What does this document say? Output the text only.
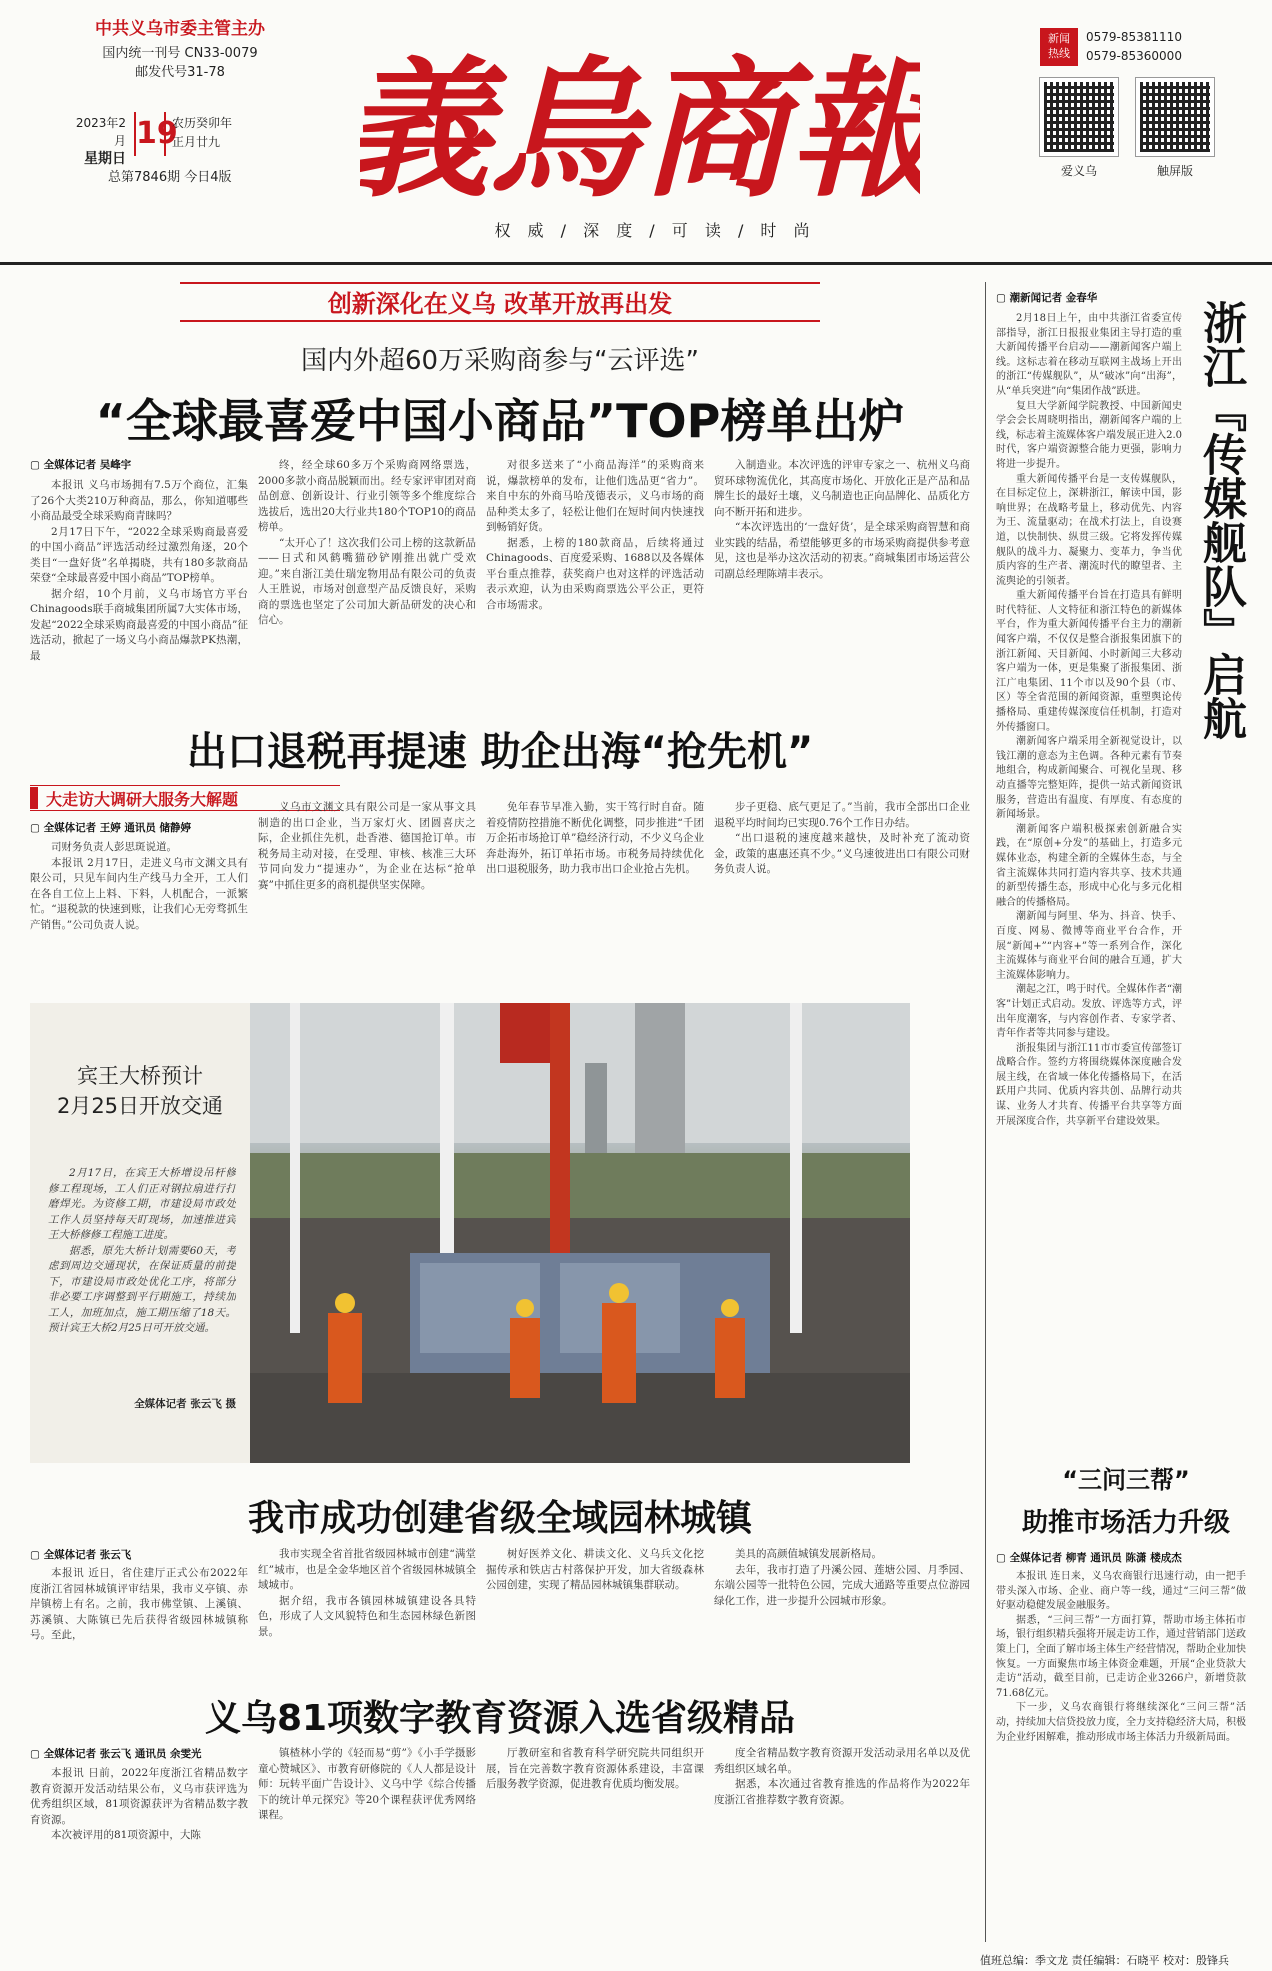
中共义乌市委主管主办
国内统一刊号 CN33-0079
邮发代号31-78
2023年2月
星期日
19
农历癸卯年
正月廿九
总第7846期 今日4版 義烏商報
权 威 / 深 度 / 可 读 / 时 尚
新闻
热线
0579-85381110
0579-85360000
爱义乌	触屏版
创新深化在义乌 改革开放再出发
国内外超60万采购商参与“云评选”
“全球最喜爱中国小商品”TOP榜单出炉
▢ 全媒体记者 吴峰宇

本报讯 义乌市场拥有7.5万个商位，汇集了26个大类210万种商品，那么，你知道哪些小商品最受全球采购商青睐吗？

2月17日下午，“2022全球采购商最喜爱的中国小商品”评选活动经过激烈角逐，20个类目“一盘好货”名单揭晓，共有180多款商品荣登“全球最喜爱中国小商品”TOP榜单。

据介绍，10个月前，义乌市场官方平台Chinagoods联手商城集团所属7大实体市场，发起“2022全球采购商最喜爱的中国小商品”征选活动，掀起了一场义乌小商品爆款PK热潮，最

终，经全球60多万个采购商网络票选，2000多款小商品脱颖而出。经专家评审团对商品创意、创新设计、行业引领等多个维度综合选拔后，选出20大行业共180个TOP10的商品榜单。

“太开心了！这次我们公司上榜的这款新品——日式和风鹤嘴猫砂铲刚推出就广受欢迎。”来自浙江美仕瑞宠物用品有限公司的负责人王胜说，市场对创意型产品反馈良好，采购商的票选也坚定了公司加大新品研发的决心和信心。

对很多送来了“小商品海洋”的采购商来说，爆款榜单的发布，让他们选品更“省力”。来自中东的外商马哈茂德表示，义乌市场的商品种类太多了，轻松让他们在短时间内快速找到畅销好货。

据悉，上榜的180款商品，后续将通过Chinagoods、百度爱采购、1688以及各媒体平台重点推荐，获奖商户也对这样的评选活动表示欢迎，认为由采购商票选公平公正，更符合市场需求。

入制造业。本次评选的评审专家之一、杭州义乌商贸环球物流优化，其高度市场化、开放化正是产品和品牌生长的最好土壤，义乌制造也正向品牌化、品质化方向不断开拓和进步。

“本次评选出的‘一盘好货’，是全球采购商智慧和商业实践的结晶，希望能够更多的市场采购商提供参考意见，这也是举办这次活动的初衷。”商城集团市场运营公司副总经理陈靖丰表示。

出口退税再提速 助企出海“抢先机”
大走访大调研大服务大解题
▢ 全媒体记者 王婷 通讯员 储静婷

司财务负责人彭思斑说道。

本报讯 2月17日，走进义乌市文渊文具有限公司，只见车间内生产线马力全开，工人们在各自工位上上料、下料，人机配合，一派繁忙。“退税款的快速到账，让我们心无旁骛抓生产销售。”公司负责人说。

义乌市文渊文具有限公司是一家从事文具制造的出口企业，当万家灯火、团圆喜庆之际，企业抓住先机，赴香港、德国抢订单。市税务局主动对接，在受理、审核、核准三大环节同向发力“提速办”，为企业在达标“抢单赛”中抓住更多的商机提供坚实保障。

免年春节早准入勤，实干笃行时自奋。随着疫情防控措施不断优化调整，同步推进“千团万企拓市场抢订单”稳经济行动，不少义乌企业奔赴海外，拓订单拓市场。市税务局持续优化出口退税服务，助力我市出口企业抢占先机。

步子更稳、底气更足了。”当前，我市全部出口企业退税平均时间均已实现0.76个工作日办结。

“出口退税的速度越来越快，及时补充了流动资金，政策的惠惠还真不少。”义乌速彼进出口有限公司财务负责人说。

宾王大桥预计
2月25日开放交通

2月17日，在宾王大桥增设吊杆修修工程现场，工人们正对钢拉扇进行打磨焊光。为资修工期，市建设局市政处工作人员坚持每天盯现场，加速推进宾王大桥修修工程施工进度。

据悉，原先大桥计划需要60天，考虑到周边交通现状，在保证质量的前提下，市建设局市政处优化工序，将部分非必要工序调整到平行期施工，持续加工人，加班加点，施工期压缩了18天。预计宾王大桥2月25日可开放交通。

全媒体记者 张云飞 摄
我市成功创建省级全域园林城镇
▢ 全媒体记者 张云飞

本报讯 近日，省住建厅正式公布2022年度浙江省园林城镇评审结果，我市义亭镇、赤岸镇榜上有名。之前，我市佛堂镇、上溪镇、苏溪镇、大陈镇已先后获得省级园林城镇称号。至此，

我市实现全省首批省级园林城市创建“满堂红”城市，也是全金华地区首个省级园林城镇全域城市。

据介绍，我市各镇园林城镇建设各具特色，形成了人文风貌特色和生态园林绿色新图景。

树好医养文化、耕读文化、义乌兵文化挖掘传承和铁店古村落保护开发，加大省级森林公园创建，实现了精品园林城镇集群联动。

美具的高颜值城镇发展新格局。

去年，我市打造了丹溪公园、莲塘公园、月季园、东端公园等一批特色公园，完成大通路等重要点位游园绿化工作，进一步提升公园城市形象。

义乌81项数字教育资源入选省级精品
▢ 全媒体记者 张云飞 通讯员 余雯光

本报讯 日前，2022年度浙江省精品数字教育资源开发活动结果公布，义乌市获评选为优秀组织区域，81项资源获评为省精品数字教育资源。

本次被评用的81项资源中，大陈

镇楂林小学的《轻而易“剪”》《小手学摄影 童心赞城区》、市教育研修院的《人人都是设计师：玩转平面广告设计》、义乌中学《综合传播下的统计单元探究》等20个课程获评优秀网络课程。

厅教研室和省教育科学研究院共同组织开展，旨在完善数字教育资源体系建设，丰富课后服务教学资源，促进教育优质均衡发展。

度全省精品数字教育资源开发活动录用名单以及优秀组织区域名单。

据悉，本次通过省教育推选的作品将作为2022年度浙江省推荐数字教育资源。

▢ 潮新闻记者 金春华

2月18日上午，由中共浙江省委宣传部指导，浙江日报报业集团主导打造的重大新闻传播平台启动——潮新闻客户端上线。这标志着在移动互联网主战场上开出的浙江“传媒舰队”，从“破冰”向“出海”，从“单兵突进”向“集团作战”跃进。

复旦大学新闻学院教授、中国新闻史学会会长周晓明指出，潮新闻客户端的上线，标志着主流媒体客户端发展正进入2.0时代，客户端资源整合能力更强，影响力将进一步提升。

重大新闻传播平台是一支传媒舰队，在目标定位上，深耕浙江，解读中国，影响世界；在战略考量上，移动优先、内容为王、流量驱动；在战术打法上，自设赛道，以快制快、纵贯三级。它将发挥传媒舰队的战斗力、凝聚力、变革力，争当优质内容的生产者、潮流时代的瞭望者、主流舆论的引领者。

重大新闻传播平台旨在打造具有鲜明时代特征、人文特征和浙江特色的新媒体平台，作为重大新闻传播平台主力的潮新闻客户端，不仅仅是整合浙报集团旗下的浙江新闻、天目新闻、小时新闻三大移动客户端为一体，更是集聚了浙报集团、浙江广电集团、11个市以及90个县（市、区）等全省范围的新闻资源，重塑舆论传播格局、重建传媒深度信任机制，打造对外传播窗口。

潮新闻客户端采用全新视觉设计，以钱江潮的意态为主色调。各种元素有节奏地组合，构成新闻聚合、可视化呈现、移动直播等完整矩阵，提供一站式新闻资讯服务，营造出有温度、有厚度、有态度的新闻场景。

潮新闻客户端积极探索创新融合实践，在“原创+分发”的基础上，打造多元媒体业态，构建全新的全媒体生态，与全省主流媒体共同打造内容共享、技术共通的新型传播生态，形成中心化与多元化相融合的传播格局。

潮新闻与阿里、华为、抖音、快手、百度、网易、微博等商业平台合作，开展“新闻+”“内容+”等一系列合作，深化主流媒体与商业平台间的融合互通，扩大主流媒体影响力。

潮起之江，鸣于时代。全媒体作者“潮客”计划正式启动。发放、评选等方式，评出年度潮客，与内容创作者、专家学者、青年作者等共同参与建设。

浙报集团与浙江11市市委宣传部签订战略合作。签约方将围绕媒体深度融合发展主线，在省域一体化传播格局下，在活跃用户共同、优质内容共创、品牌行动共谋、业务人才共育、传播平台共享等方面开展深度合作，共享新平台建设效果。

浙江『传媒舰队』启航
“三问三帮”
助推市场活力升级
▢ 全媒体记者 柳青 通讯员 陈潇 楼成杰

本报讯 连日来，义乌农商银行迅速行动，由一把手带头深入市场、企业、商户等一线，通过“三问三帮”做好驱动稳健发展金融服务。

据悉，“三问三帮”一方面打算，帮助市场主体拓市场，银行组织精兵强将开展走访工作，通过营销部门送政策上门，全面了解市场主体生产经营情况，帮助企业加快恢复。一方面聚焦市场主体资金难题，开展“企业贷款大走访”活动，截至目前，已走访企业3266户，新增贷款71.68亿元。

下一步，义乌农商银行将继续深化“三问三帮”活动，持续加大信贷投放力度，全力支持稳经济大局，积极为企业纾困解难，推动形成市场主体活力升级新局面。

值班总编：季文龙 责任编辑：石晓平 校对：殷锋兵
